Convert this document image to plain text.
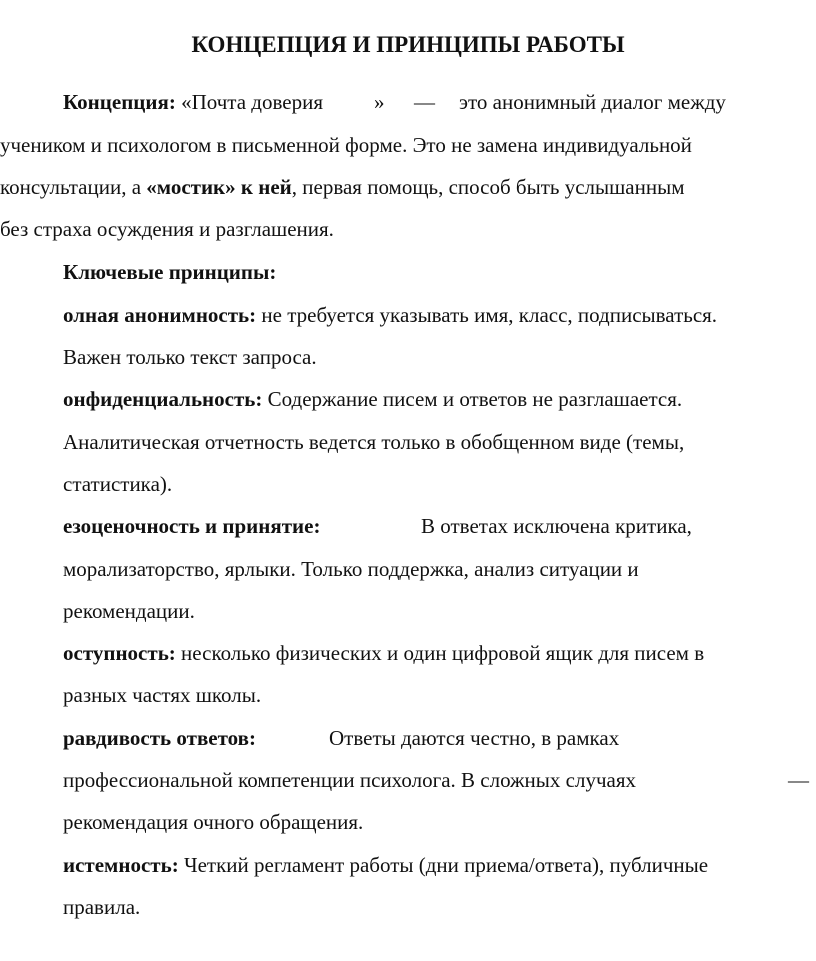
КОНЦЕПЦИЯ И ПРИНЦИПЫ РАБОТЫ
Концепция: «Почта доверия » — это анонимный диалог между
учеником и психологом в письменной форме. Это не замена индивидуальной
консультации, а «мостик» к ней, первая помощь, способ быть услышанным
без страха осуждения и разглашения.
Ключевые принципы:
олная анонимность: не требуется указывать имя, класс, подписываться.
Важен только текст запроса.
онфиденциальность: Содержание писем и ответов не разглашается.
Аналитическая отчетность ведется только в обобщенном виде (темы,
статистика).
езоценочность и принятие:	В ответах исключена критика,
морализаторство, ярлыки. Только поддержка, анализ ситуации и
рекомендации.
оступность: несколько физических и один цифровой ящик для писем в
разных частях школы.
равдивость ответов:	Ответы даются честно, в рамках
профессиональной компетенции психолога. В сложных случаях	—
рекомендация очного обращения.
истемность: Четкий регламент работы (дни приема/ответа), публичные
правила.
